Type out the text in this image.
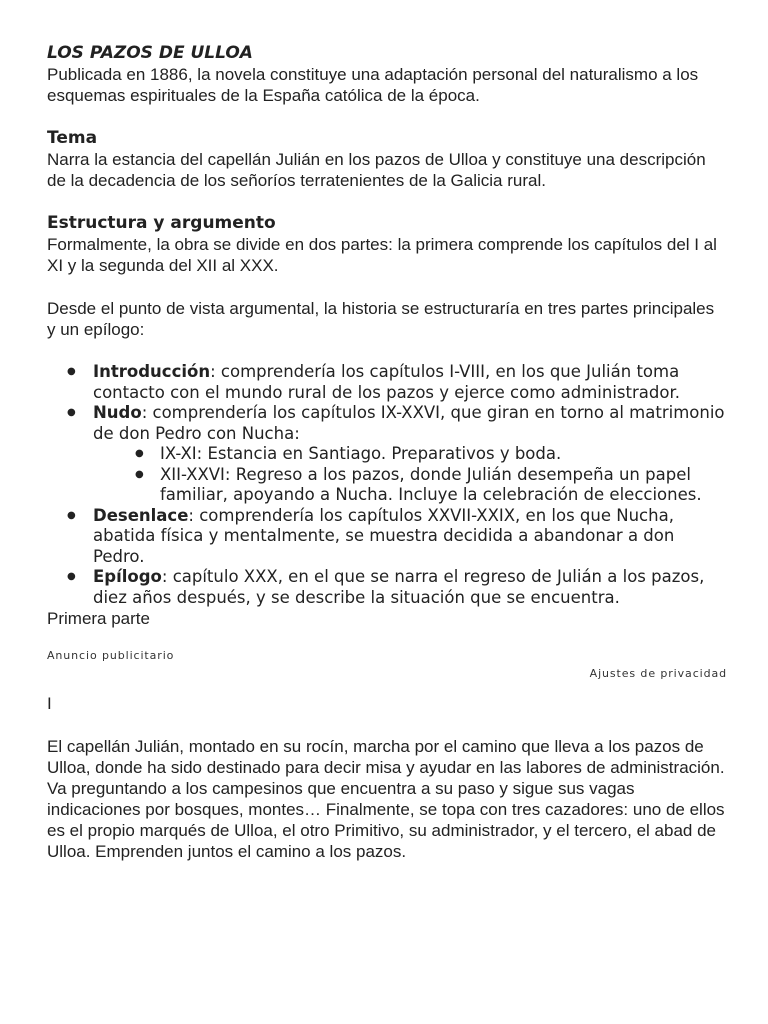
LOS PAZOS DE ULLOA

Publicada en 1886, la novela constituye una adaptación personal del naturalismo a los esquemas espirituales de la España católica de la época.

Tema

Narra la estancia del capellán Julián en los pazos de Ulloa y constituye una descripción de la decadencia de los señoríos terratenientes de la Galicia rural.

Estructura y argumento

Formalmente, la obra se divide en dos partes: la primera comprende los capítulos del I al XI y la segunda del XII al XXX.

Desde el punto de vista argumental, la historia se estructuraría en tres partes principales y un epílogo:

● Introducción: comprendería los capítulos I-VIII, en los que Julián toma contacto con el mundo rural de los pazos y ejerce como administrador.
● Nudo: comprendería los capítulos IX-XXVI, que giran en torno al matrimonio de don Pedro con Nucha:
● IX-XI: Estancia en Santiago. Preparativos y boda.
● XII-XXVI: Regreso a los pazos, donde Julián desempeña un papel familiar, apoyando a Nucha. Incluye la celebración de elecciones.
● Desenlace: comprendería los capítulos XXVII-XXIX, en los que Nucha, abatida física y mentalmente, se muestra decidida a abandonar a don Pedro.
● Epílogo: capítulo XXX, en el que se narra el regreso de Julián a los pazos, diez años después, y se describe la situación que se encuentra.

Primera parte

Anuncio publicitario

Ajustes de privacidad

I

El capellán Julián, montado en su rocín, marcha por el camino que lleva a los pazos de Ulloa, donde ha sido destinado para decir misa y ayudar en las labores de administración. Va preguntando a los campesinos que encuentra a su paso y sigue sus vagas indicaciones por bosques, montes… Finalmente, se topa con tres cazadores: uno de ellos es el propio marqués de Ulloa, el otro Primitivo, su administrador, y el tercero, el abad de Ulloa. Emprenden juntos el camino a los pazos.
